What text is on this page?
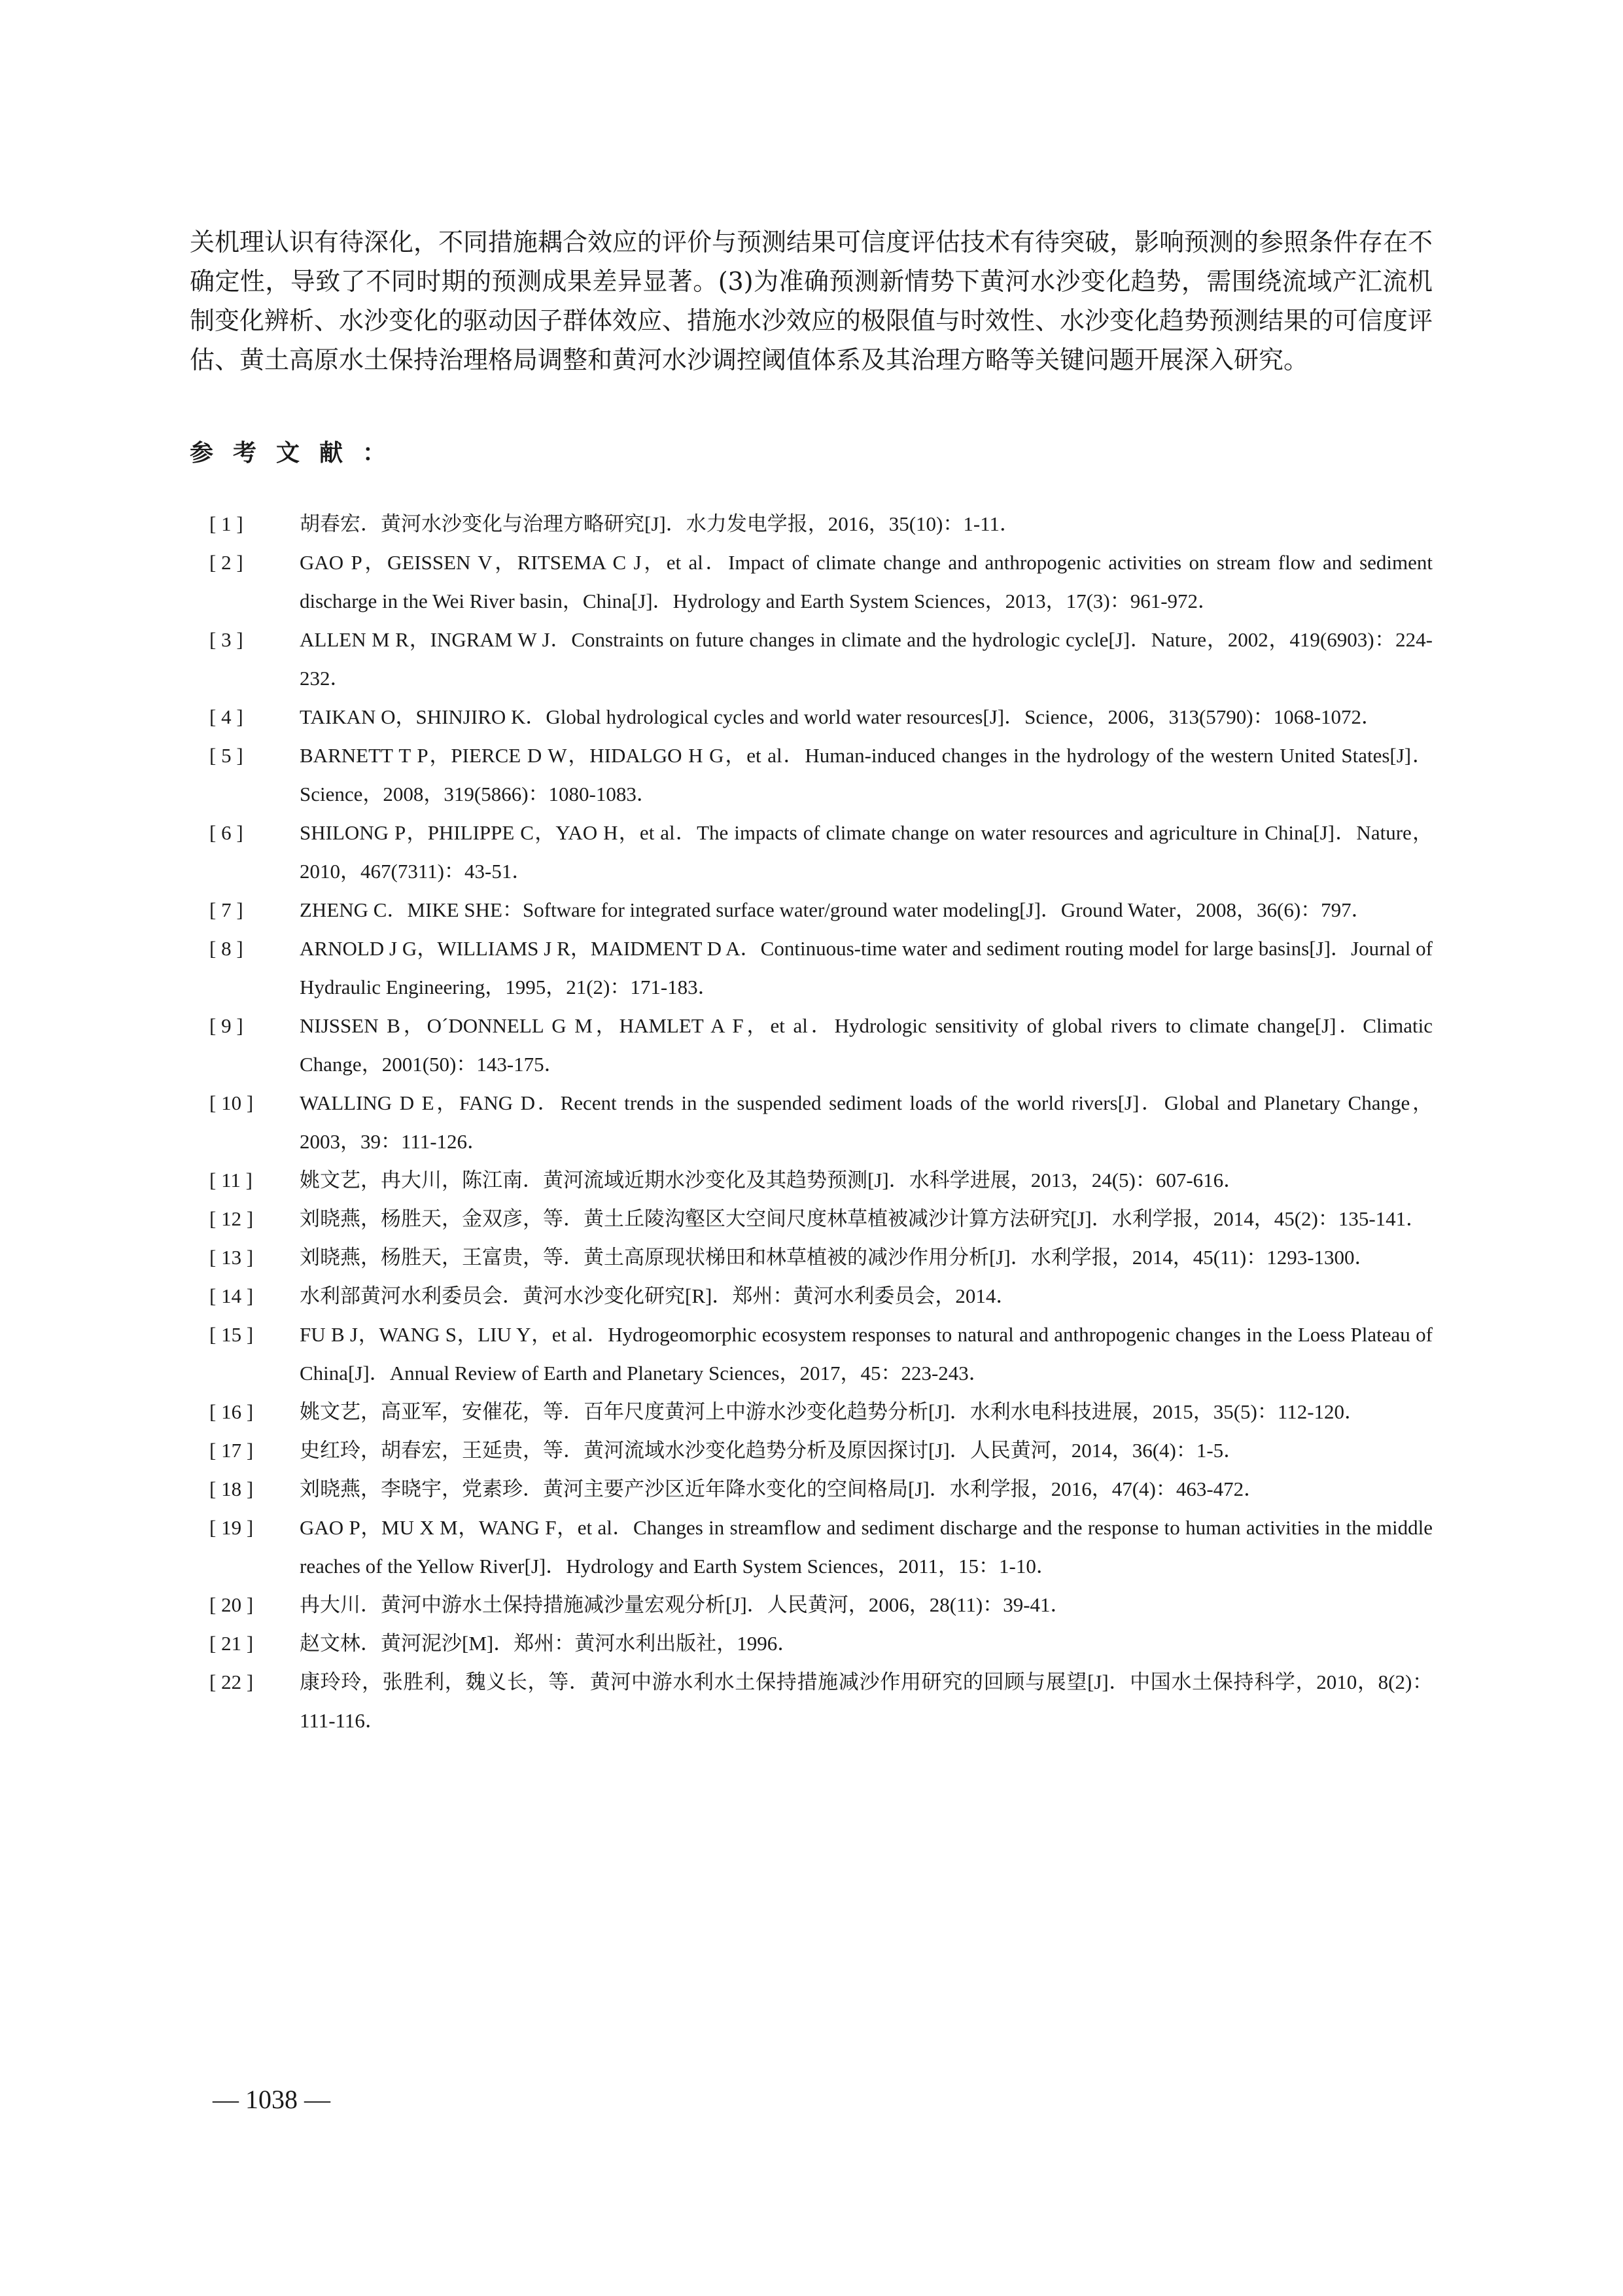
关机理认识有待深化，不同措施耦合效应的评价与预测结果可信度评估技术有待突破，影响预测的参照条件存在不确定性，导致了不同时期的预测成果差异显著。(3)为准确预测新情势下黄河水沙变化趋势，需围绕流域产汇流机制变化辨析、水沙变化的驱动因子群体效应、措施水沙效应的极限值与时效性、水沙变化趋势预测结果的可信度评估、黄土高原水土保持治理格局调整和黄河水沙调控阈值体系及其治理方略等关键问题开展深入研究。

参考文献：
[ 1 ]	胡春宏．黄河水沙变化与治理方略研究[J]．水力发电学报，2016，35(10)：1-11．
[ 2 ]	GAO P，GEISSEN V，RITSEMA C J，et al．Impact of climate change and anthropogenic activities on stream flow and sediment discharge in the Wei River basin，China[J]．Hydrology and Earth System Sciences，2013，17(3)：961-972．
[ 3 ]	ALLEN M R，INGRAM W J．Constraints on future changes in climate and the hydrologic cycle[J]．Nature，2002，419(6903)：224-232．
[ 4 ]	TAIKAN O，SHINJIRO K．Global hydrological cycles and world water resources[J]．Science，2006，313(5790)：1068-1072．
[ 5 ]	BARNETT T P，PIERCE D W，HIDALGO H G，et al．Human-induced changes in the hydrology of the western United States[J]．Science，2008，319(5866)：1080-1083．
[ 6 ]	SHILONG P，PHILIPPE C，YAO H，et al．The impacts of climate change on water resources and agriculture in China[J]．Nature，2010，467(7311)：43-51．
[ 7 ]	ZHENG C．MIKE SHE：Software for integrated surface water/ground water modeling[J]．Ground Water，2008，36(6)：797．
[ 8 ]	ARNOLD J G，WILLIAMS J R，MAIDMENT D A．Continuous-time water and sediment routing model for large basins[J]．Journal of Hydraulic Engineering，1995，21(2)：171-183．
[ 9 ]	NIJSSEN B，O´DONNELL G M，HAMLET A F，et al．Hydrologic sensitivity of global rivers to climate change[J]．Climatic Change，2001(50)：143-175．
[ 10 ]	WALLING D E，FANG D．Recent trends in the suspended sediment loads of the world rivers[J]．Global and Planetary Change，2003，39：111-126．
[ 11 ]	姚文艺，冉大川，陈江南．黄河流域近期水沙变化及其趋势预测[J]．水科学进展，2013，24(5)：607-616．
[ 12 ]	刘晓燕，杨胜天，金双彦，等．黄土丘陵沟壑区大空间尺度林草植被减沙计算方法研究[J]．水利学报，2014，45(2)：135-141．
[ 13 ]	刘晓燕，杨胜天，王富贵，等．黄土高原现状梯田和林草植被的减沙作用分析[J]．水利学报，2014，45(11)：1293-1300．
[ 14 ]	水利部黄河水利委员会．黄河水沙变化研究[R]．郑州：黄河水利委员会，2014．
[ 15 ]	FU B J，WANG S，LIU Y，et al．Hydrogeomorphic ecosystem responses to natural and anthropogenic changes in the Loess Plateau of China[J]．Annual Review of Earth and Planetary Sciences，2017，45：223-243．
[ 16 ]	姚文艺，高亚军，安催花，等．百年尺度黄河上中游水沙变化趋势分析[J]．水利水电科技进展，2015，35(5)：112-120．
[ 17 ]	史红玲，胡春宏，王延贵，等．黄河流域水沙变化趋势分析及原因探讨[J]．人民黄河，2014，36(4)：1-5．
[ 18 ]	刘晓燕，李晓宇，党素珍．黄河主要产沙区近年降水变化的空间格局[J]．水利学报，2016，47(4)：463-472．
[ 19 ]	GAO P，MU X M，WANG F，et al．Changes in streamflow and sediment discharge and the response to human activities in the middle reaches of the Yellow River[J]．Hydrology and Earth System Sciences，2011，15：1-10．
[ 20 ]	冉大川．黄河中游水土保持措施减沙量宏观分析[J]．人民黄河，2006，28(11)：39-41．
[ 21 ]	赵文林．黄河泥沙[M]．郑州：黄河水利出版社，1996．
[ 22 ]	康玲玲，张胜利，魏义长，等．黄河中游水利水土保持措施减沙作用研究的回顾与展望[J]．中国水土保持科学，2010，8(2)：111-116．
— 1038 —
